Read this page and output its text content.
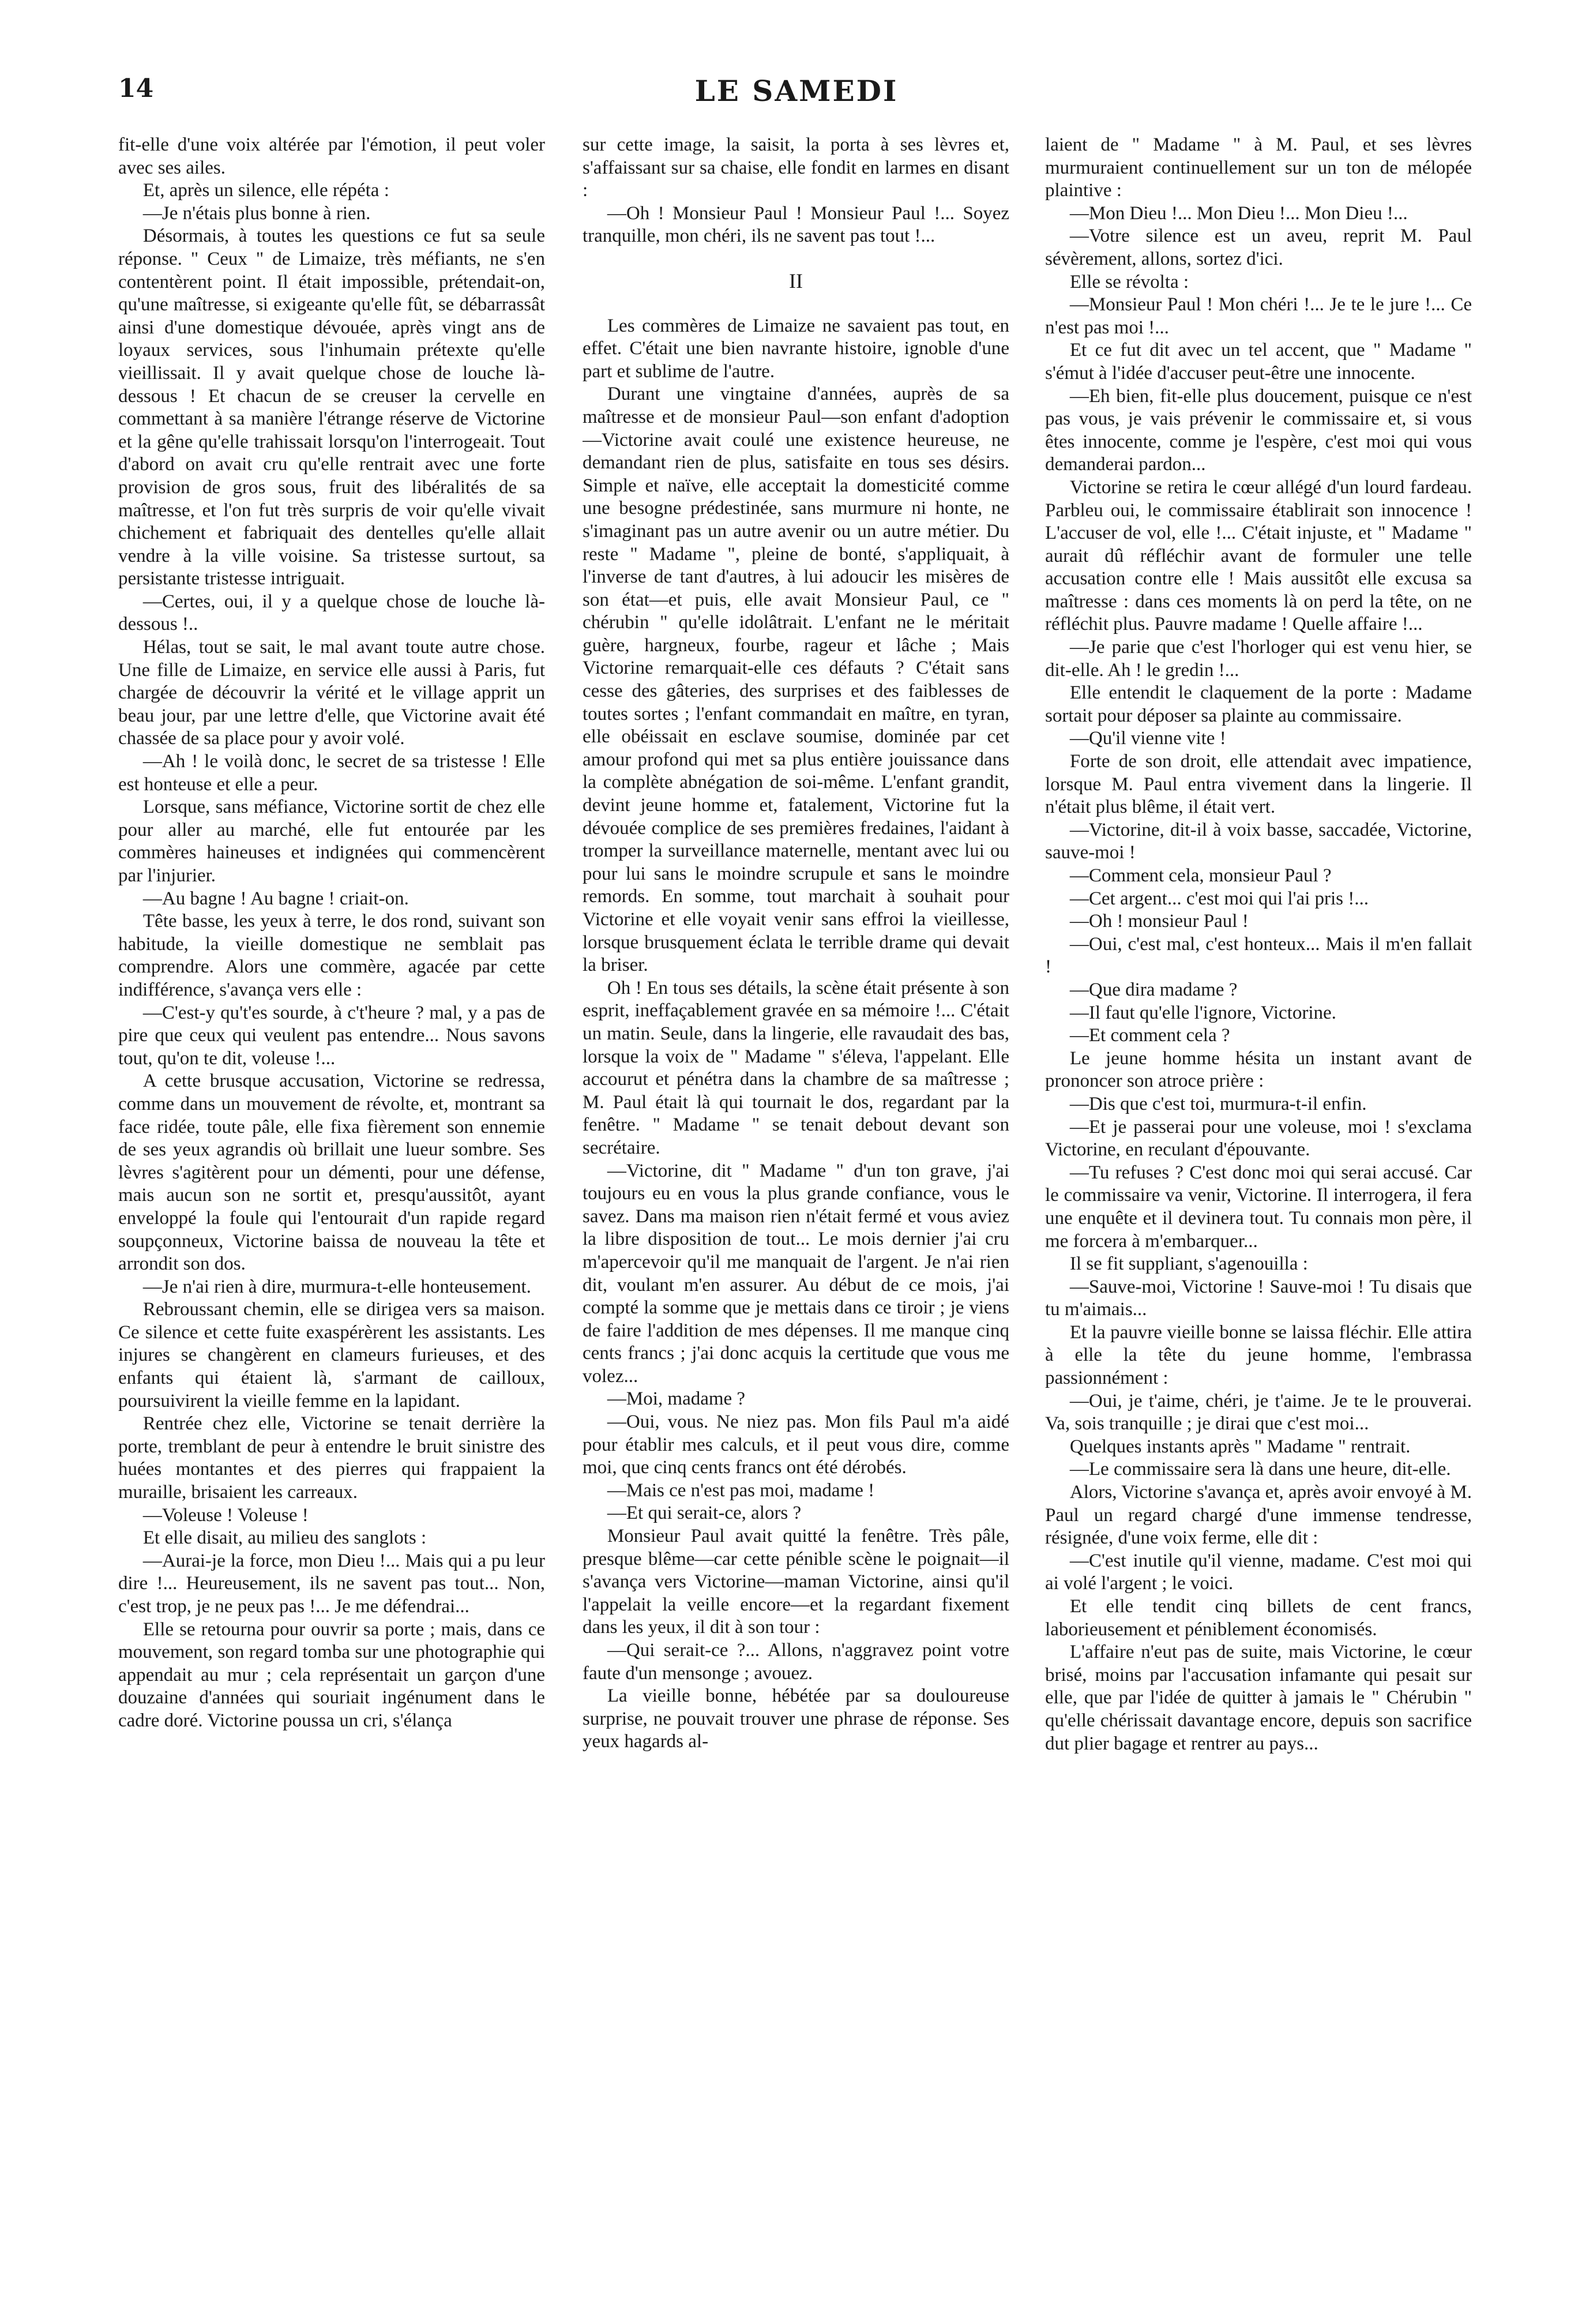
14	LE SAMEDI

fit-elle d'une voix altérée par l'émotion, il peut voler avec ses ailes.

Et, après un silence, elle répéta :

—Je n'étais plus bonne à rien.

Désormais, à toutes les questions ce fut sa seule réponse. " Ceux " de Limaize, très méfiants, ne s'en contentèrent point. Il était impossible, prétendait-on, qu'une maîtresse, si exigeante qu'elle fût, se débarrassât ainsi d'une domestique dévouée, après vingt ans de loyaux services, sous l'inhumain prétexte qu'elle vieillissait. Il y avait quelque chose de louche là-dessous ! Et chacun de se creuser la cervelle en commettant à sa manière l'étrange réserve de Victorine et la gêne qu'elle trahissait lorsqu'on l'interrogeait. Tout d'abord on avait cru qu'elle rentrait avec une forte provision de gros sous, fruit des libéralités de sa maîtresse, et l'on fut très surpris de voir qu'elle vivait chichement et fabriquait des dentelles qu'elle allait vendre à la ville voisine. Sa tristesse surtout, sa persistante tristesse intriguait.

—Certes, oui, il y a quelque chose de louche là-dessous !..

Hélas, tout se sait, le mal avant toute autre chose. Une fille de Limaize, en service elle aussi à Paris, fut chargée de découvrir la vérité et le village apprit un beau jour, par une lettre d'elle, que Victorine avait été chassée de sa place pour y avoir volé.

—Ah ! le voilà donc, le secret de sa tristesse ! Elle est honteuse et elle a peur.

Lorsque, sans méfiance, Victorine sortit de chez elle pour aller au marché, elle fut entourée par les commères haineuses et indignées qui commencèrent par l'injurier.

—Au bagne ! Au bagne ! criait-on.

Tête basse, les yeux à terre, le dos rond, suivant son habitude, la vieille domestique ne semblait pas comprendre. Alors une commère, agacée par cette indifférence, s'avança vers elle :

—C'est-y qu't'es sourde, à c't'heure ? mal, y a pas de pire que ceux qui veulent pas entendre... Nous savons tout, qu'on te dit, voleuse !...

A cette brusque accusation, Victorine se redressa, comme dans un mouvement de révolte, et, montrant sa face ridée, toute pâle, elle fixa fièrement son ennemie de ses yeux agrandis où brillait une lueur sombre. Ses lèvres s'agitèrent pour un démenti, pour une défense, mais aucun son ne sortit et, presqu'aussitôt, ayant enveloppé la foule qui l'entourait d'un rapide regard soupçonneux, Victorine baissa de nouveau la tête et arrondit son dos.

—Je n'ai rien à dire, murmura-t-elle honteusement.

Rebroussant chemin, elle se dirigea vers sa maison. Ce silence et cette fuite exaspérèrent les assistants. Les injures se changèrent en clameurs furieuses, et des enfants qui étaient là, s'armant de cailloux, poursuivirent la vieille femme en la lapidant.

Rentrée chez elle, Victorine se tenait derrière la porte, tremblant de peur à entendre le bruit sinistre des huées montantes et des pierres qui frappaient la muraille, brisaient les carreaux.

—Voleuse ! Voleuse !

Et elle disait, au milieu des sanglots :

—Aurai-je la force, mon Dieu !... Mais qui a pu leur dire !... Heureusement, ils ne savent pas tout... Non, c'est trop, je ne peux pas !... Je me défendrai...

Elle se retourna pour ouvrir sa porte ; mais, dans ce mouvement, son regard tomba sur une photographie qui appendait au mur ; cela représentait un garçon d'une douzaine d'années qui souriait ingénument dans le cadre doré. Victorine poussa un cri, s'élança

sur cette image, la saisit, la porta à ses lèvres et, s'affaissant sur sa chaise, elle fondit en larmes en disant :

—Oh ! Monsieur Paul ! Monsieur Paul !... Soyez tranquille, mon chéri, ils ne savent pas tout !...

II

Les commères de Limaize ne savaient pas tout, en effet. C'était une bien navrante histoire, ignoble d'une part et sublime de l'autre.

Durant une vingtaine d'années, auprès de sa maîtresse et de monsieur Paul—son enfant d'adoption—Victorine avait coulé une existence heureuse, ne demandant rien de plus, satisfaite en tous ses désirs. Simple et naïve, elle acceptait la domesticité comme une besogne prédestinée, sans murmure ni honte, ne s'imaginant pas un autre avenir ou un autre métier. Du reste " Madame ", pleine de bonté, s'appliquait, à l'inverse de tant d'autres, à lui adoucir les misères de son état—et puis, elle avait Monsieur Paul, ce " chérubin " qu'elle idolâtrait. L'enfant ne le méritait guère, hargneux, fourbe, rageur et lâche ; Mais Victorine remarquait-elle ces défauts ? C'était sans cesse des gâteries, des surprises et des faiblesses de toutes sortes ; l'enfant commandait en maître, en tyran, elle obéissait en esclave soumise, dominée par cet amour profond qui met sa plus entière jouissance dans la complète abnégation de soi-même. L'enfant grandit, devint jeune homme et, fatalement, Victorine fut la dévouée complice de ses premières fredaines, l'aidant à tromper la surveillance maternelle, mentant avec lui ou pour lui sans le moindre scrupule et sans le moindre remords. En somme, tout marchait à souhait pour Victorine et elle voyait venir sans effroi la vieillesse, lorsque brusquement éclata le terrible drame qui devait la briser.

Oh ! En tous ses détails, la scène était présente à son esprit, ineffaçablement gravée en sa mémoire !... C'était un matin. Seule, dans la lingerie, elle ravaudait des bas, lorsque la voix de " Madame " s'éleva, l'appelant. Elle accourut et pénétra dans la chambre de sa maîtresse ; M. Paul était là qui tournait le dos, regardant par la fenêtre. " Madame " se tenait debout devant son secrétaire.

—Victorine, dit " Madame " d'un ton grave, j'ai toujours eu en vous la plus grande confiance, vous le savez. Dans ma maison rien n'était fermé et vous aviez la libre disposition de tout... Le mois dernier j'ai cru m'apercevoir qu'il me manquait de l'argent. Je n'ai rien dit, voulant m'en assurer. Au début de ce mois, j'ai compté la somme que je mettais dans ce tiroir ; je viens de faire l'addition de mes dépenses. Il me manque cinq cents francs ; j'ai donc acquis la certitude que vous me volez...

—Moi, madame ?

—Oui, vous. Ne niez pas. Mon fils Paul m'a aidé pour établir mes calculs, et il peut vous dire, comme moi, que cinq cents francs ont été dérobés.

—Mais ce n'est pas moi, madame !

—Et qui serait-ce, alors ?

Monsieur Paul avait quitté la fenêtre. Très pâle, presque blême—car cette pénible scène le poignait—il s'avança vers Victorine—maman Victorine, ainsi qu'il l'appelait la veille encore—et la regardant fixement dans les yeux, il dit à son tour :

—Qui serait-ce ?... Allons, n'aggravez point votre faute d'un mensonge ; avouez.

La vieille bonne, hébétée par sa douloureuse surprise, ne pouvait trouver une phrase de réponse. Ses yeux hagards al-

laient de " Madame " à M. Paul, et ses lèvres murmuraient continuellement sur un ton de mélopée plaintive :

—Mon Dieu !... Mon Dieu !... Mon Dieu !...

—Votre silence est un aveu, reprit M. Paul sévèrement, allons, sortez d'ici.

Elle se révolta :

—Monsieur Paul ! Mon chéri !... Je te le jure !... Ce n'est pas moi !...

Et ce fut dit avec un tel accent, que " Madame " s'émut à l'idée d'accuser peut-être une innocente.

—Eh bien, fit-elle plus doucement, puisque ce n'est pas vous, je vais prévenir le commissaire et, si vous êtes innocente, comme je l'espère, c'est moi qui vous demanderai pardon...

Victorine se retira le cœur allégé d'un lourd fardeau. Parbleu oui, le commissaire établirait son innocence ! L'accuser de vol, elle !... C'était injuste, et " Madame " aurait dû réfléchir avant de formuler une telle accusation contre elle ! Mais aussitôt elle excusa sa maîtresse : dans ces moments là on perd la tête, on ne réfléchit plus. Pauvre madame ! Quelle affaire !...

—Je parie que c'est l'horloger qui est venu hier, se dit-elle. Ah ! le gredin !...

Elle entendit le claquement de la porte : Madame sortait pour déposer sa plainte au commissaire.

—Qu'il vienne vite !

Forte de son droit, elle attendait avec impatience, lorsque M. Paul entra vivement dans la lingerie. Il n'était plus blême, il était vert.

—Victorine, dit-il à voix basse, saccadée, Victorine, sauve-moi !

—Comment cela, monsieur Paul ?

—Cet argent... c'est moi qui l'ai pris !...

—Oh ! monsieur Paul !

—Oui, c'est mal, c'est honteux... Mais il m'en fallait !

—Que dira madame ?

—Il faut qu'elle l'ignore, Victorine.

—Et comment cela ?

Le jeune homme hésita un instant avant de prononcer son atroce prière :

—Dis que c'est toi, murmura-t-il enfin.

—Et je passerai pour une voleuse, moi ! s'exclama Victorine, en reculant d'épouvante.

—Tu refuses ? C'est donc moi qui serai accusé. Car le commissaire va venir, Victorine. Il interrogera, il fera une enquête et il devinera tout. Tu connais mon père, il me forcera à m'embarquer...

Il se fit suppliant, s'agenouilla :

—Sauve-moi, Victorine ! Sauve-moi ! Tu disais que tu m'aimais...

Et la pauvre vieille bonne se laissa fléchir. Elle attira à elle la tête du jeune homme, l'embrassa passionnément :

—Oui, je t'aime, chéri, je t'aime. Je te le prouverai. Va, sois tranquille ; je dirai que c'est moi...

Quelques instants après " Madame " rentrait.

—Le commissaire sera là dans une heure, dit-elle.

Alors, Victorine s'avança et, après avoir envoyé à M. Paul un regard chargé d'une immense tendresse, résignée, d'une voix ferme, elle dit :

—C'est inutile qu'il vienne, madame. C'est moi qui ai volé l'argent ; le voici.

Et elle tendit cinq billets de cent francs, laborieusement et péniblement économisés.

L'affaire n'eut pas de suite, mais Victorine, le cœur brisé, moins par l'accusation infamante qui pesait sur elle, que par l'idée de quitter à jamais le " Chérubin " qu'elle chérissait davantage encore, depuis son sacrifice dut plier bagage et rentrer au pays...
